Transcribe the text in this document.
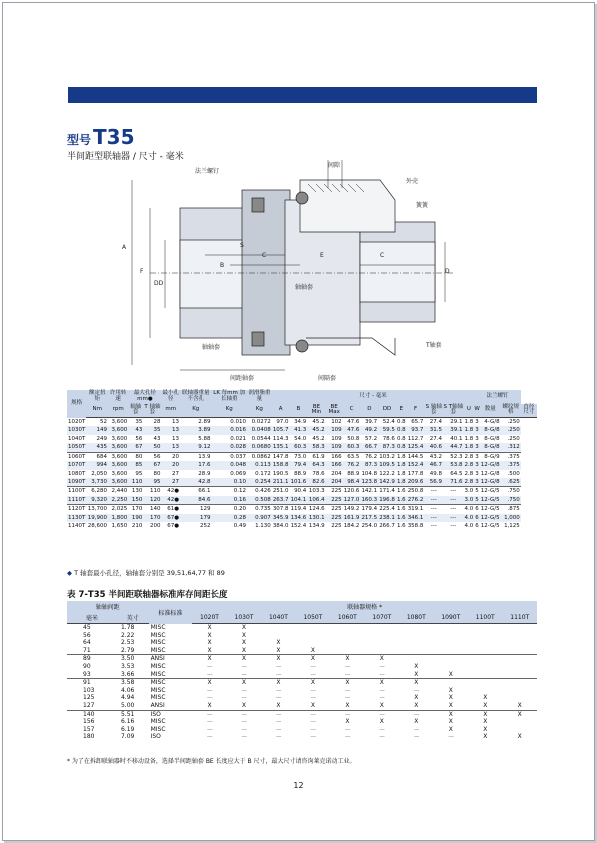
型号 T35
半间距型联轴器 / 尺寸 - 毫米
间隙
法兰螺钉
外壳
簧簧
A
F
DD
S
C
B
E	C
D
轴轴套
轴轴套	T轴套
间距轴套	间隔套
规格	额定扭矩	许用转速	最大孔径 mm●		最小孔径	联轴器重量不含孔	LK 每mm 加长轴重	润滑脂重量	尺寸 - 毫米												法兰螺钉			
	Nm	rpm	轴轴套	T 轴轴套	mm	Kg	Kg	Kg	A	B	BE Min	BE Max	C	D	DD	E	F	S 轴轴套	S T轴轴套	U	W	数量	螺纹规格	直径 尺寸
1020T	52	3,600	35	28	13	2.89	0.010	0.0272	97.0	34.9	45.2	102	47.6	39.7	52.4	0.8	65.7	27.4	29.1	1.8	3	4-G/8	.250	
1030T	149	3,600	43	35	13	3.89	0.016	0.0408	105.7	41.3	45.2	109	47.6	49.2	59.5	0.8	93.7	31.5	39.1	1.8	3	8-G/8	.250	
1040T	249	3,600	56	43	13	5.88	0.021	0.0544	114.3	54.0	45.2	109	50.8	57.2	78.6	0.8	112.7	27.4	40.1	1.8	3	8-G/8	.250	
1050T	435	3,600	67	50	13	9.12	0.028	0.0680	135.1	60.3	58.3	109	60.3	66.7	87.3	0.8	125.4	40.6	44.7	1.8	3	8-G/8	.312	
1060T	684	3,600	80	56	20	13.9	0.037	0.0862	147.8	73.0	61.9	166	63.5	76.2	103.2	1.8	144.5	43.2	52.3	2.8	3	8-G/9	.375	
1070T	994	3,600	85	67	20	17.6	0.048	0.113	158.8	79.4	64.3	166	76.2	87.3	109.5	1.8	152.4	46.7	53.8	2.8	3	12-G/8	.375	
1080T	2,050	3,600	95	80	27	28.9	0.069	0.172	190.5	88.9	78.6	204	88.9	104.8	122.2	1.8	177.8	49.8	64.5	2.8	3	12-G/8	.500	
1090T	3,730	3,600	110	95	27	42.8	0.10	0.254	211.1	101.6	82.6	204	98.4	123.8	142.9	1.8	209.6	56.9	71.6	2.8	3	12-G/8	.625	
1100T	6,280	2,440	130	110	42●	66.1	0.12	0.426	251.0	90.4	103.3	225	120.6	142.1	171.4	1.6	250.8	---	---	3.0	5	12-G/5	.750	
1110T	9,320	2,250	150	120	42●	84.6	0.16	0.508	263.7	104.1	106.4	225	127.0	160.3	196.8	1.6	276.2	---	---	3.0	5	12-G/5	.750	
1120T	13,700	2,025	170	140	61●	129	0.20	0.735	307.8	119.4	124.6	225	149.2	179.4	225.4	1.6	319.1	---	---	4.0	6	12-G/5	.875	
1130T	19,900	1,800	190	170	67●	179	0.28	0.907	345.9	134.6	130.1	225	161.9	217.5	238.1	1.6	346.1	---	---	4.0	6	12-G/5	1,000	
1140T	28,600	1,650	210	200	67●	252	0.49	1.130	384.0	152.4	134.9	225	184.2	254.0	266.7	1.6	358.8	---	---	4.0	6	12-G/5	1,125	
◆ T 轴套最小孔径，轴轴套分别是 39,51,64,77 和 89
表 7-T35 半间距联轴器标准库存间距长度
轴轴间距		标准标准	联轴器规格 *									
毫米	英寸		1020T	1030T	1040T	1050T	1060T	1070T	1080T	1090T	1100T	1110T
45	1.78	MISC	X	X								
56	2.22	MISC	X	X								
64	2.53	MISC	X	X	X							
71	2.79	MISC	X	X	X	X						
89	3.50	ANSI	X	X	X	X	X	X				
90	3.53	MISC	---	---	---	---	---	---	X			
93	3.66	MISC	---	---	---	---	---	---	X	X		
91	3.58	MISC	X	X	X	X	X	X	X			
103	4.06	MISC	---	---	---	---	---	---	---	X		
125	4.94	MISC	---	---	---	---	---	---	X	X	X	
127	5.00	ANSI	X	X	X	X	X	X	X	X	X	X
140	5.51	ISO	---	---	---	---	---	---	---	X	X	X
156	6.16	MISC	---	---	---	---	X	X	X	X	X	
157	6.19	MISC	---	---	---	---	---	---	---	X	X	
180	7.09	ISO	---	---	---	---	---	---	---	---	X	X
* 为了在拆卸联轴器时不移动设备，选择半间距轴套 BE 长度应大于 B 尺寸，最大尺寸请咨询莱克诺动工业。
12
